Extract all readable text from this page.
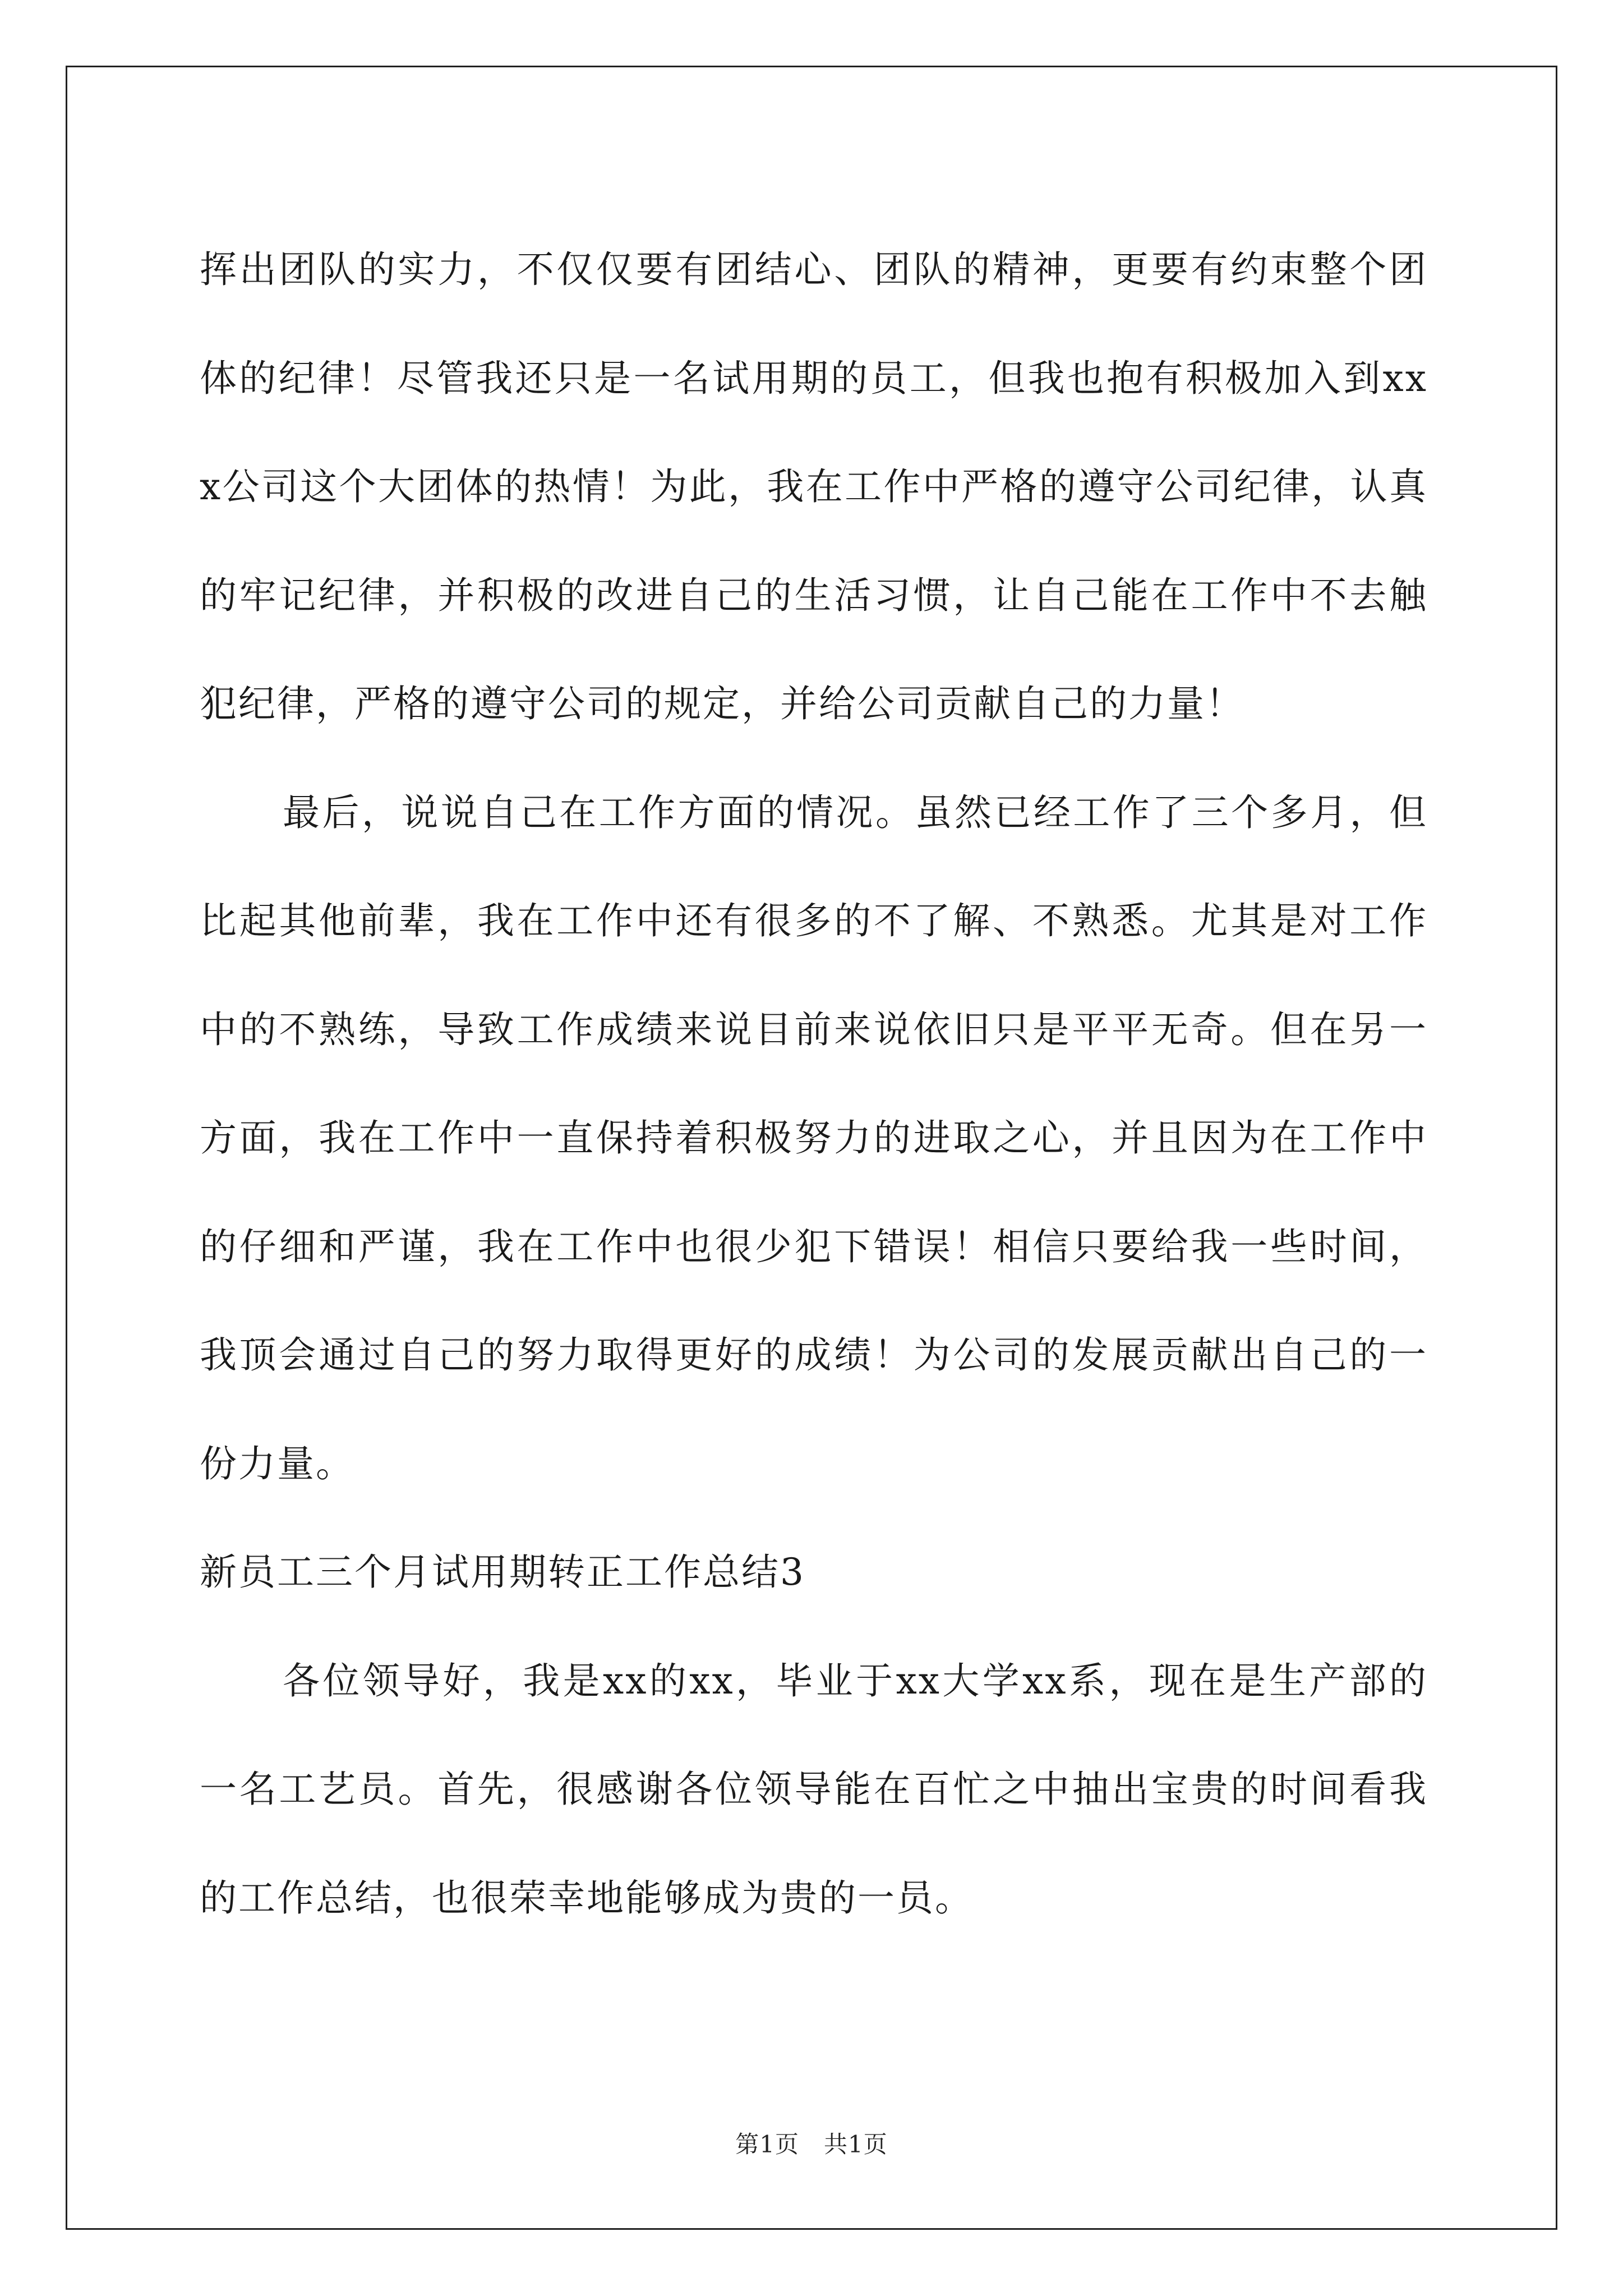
挥出团队的实力，不仅仅要有团结心、团队的精神，更要有约束整个团体的纪律！尽管我还只是一名试用期的员工，但我也抱有积极加入到xxx公司这个大团体的热情！为此，我在工作中严格的遵守公司纪律，认真的牢记纪律，并积极的改进自己的生活习惯，让自己能在工作中不去触犯纪律，严格的遵守公司的规定，并给公司贡献自己的力量！

最后，说说自己在工作方面的情况。虽然已经工作了三个多月，但比起其他前辈，我在工作中还有很多的不了解、不熟悉。尤其是对工作中的不熟练，导致工作成绩来说目前来说依旧只是平平无奇。但在另一方面，我在工作中一直保持着积极努力的进取之心，并且因为在工作中的仔细和严谨，我在工作中也很少犯下错误！相信只要给我一些时间，我顶会通过自己的努力取得更好的成绩！为公司的发展贡献出自己的一份力量。

新员工三个月试用期转正工作总结3

各位领导好，我是xx的xx，毕业于xx大学xx系，现在是生产部的一名工艺员。首先，很感谢各位领导能在百忙之中抽出宝贵的时间看我的工作总结，也很荣幸地能够成为贵的一员。

第1页 共1页
